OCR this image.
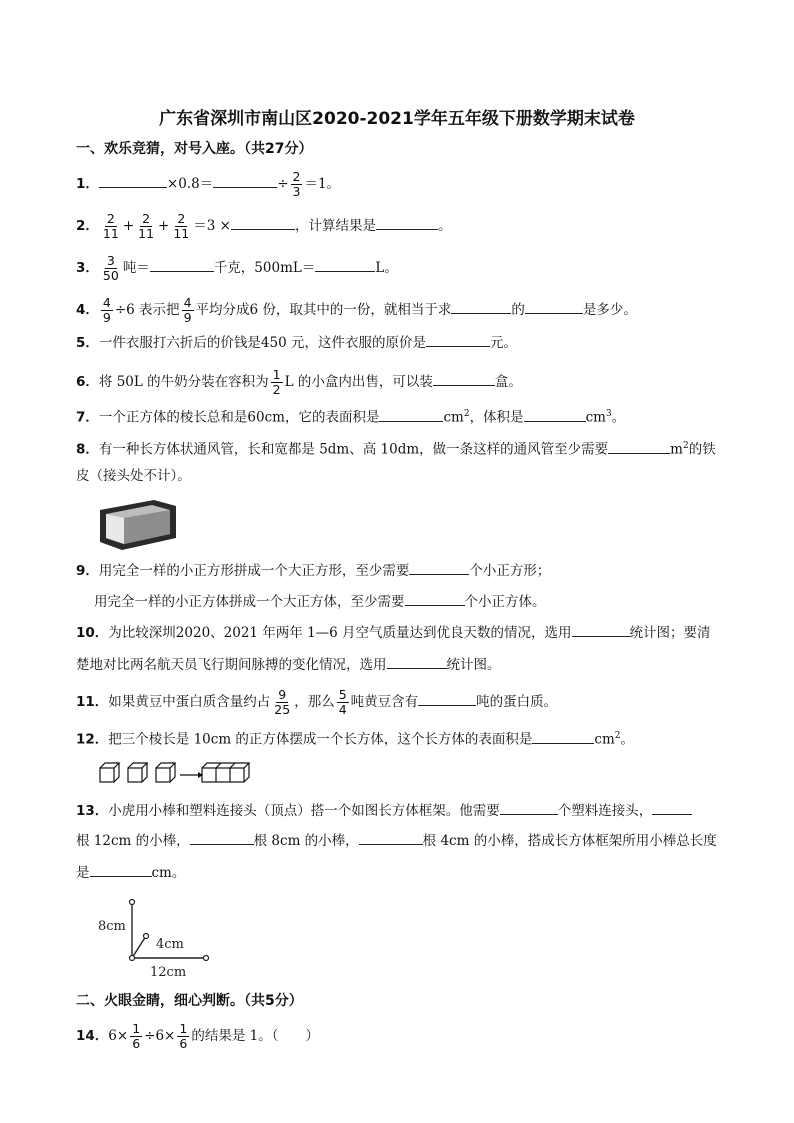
广东省深圳市南山区2020-2021学年五年级下册数学期末试卷
一、欢乐竞猜，对号入座。（共27分）
1．	×0.8＝	÷ $\frac{2}{3} =1$。
2． $\frac{2}{11} + \frac{2}{11} + \frac{2}{11} =3$ ×	，计算结果是	。
3． $\frac{3}{50}$ 吨＝	千克，500mL＝	L。
4． $\frac{4}{9} \div 6$ 表示把 $\frac{4}{9}$ 平均分成6 份，取其中的一份，就相当于求	的	是多少。
5．一件衣服打六折后的价钱是450 元，这件衣服的原价是	元。
6．将 50L 的牛奶分装在容积为 $\frac{1}{2}$ L 的小盒内出售，可以装	盒。
7．一个正方体的棱长总和是60cm，它的表面积是	$cm^2$，体积是	$cm^3$。
8．有一种长方体状通风管，长和宽都是 5dm、高 10dm，做一条这样的通风管至少需要	$m^2$的铁
皮（接头处不计）。
9．用完全一样的小正方形拼成一个大正方形，至少需要	个小正方形；
用完全一样的小正方体拼成一个大正方体，至少需要	个小正方体。
10．为比较深圳2020、2021 年两年 1—6 月空气质量达到优良天数的情况，选用	统计图；要清
楚地对比两名航天员飞行期间脉搏的变化情况，选用	统计图。
11．如果黄豆中蛋白质含量约占 $\frac{9}{25}$ ，那么 $\frac{5}{4}$ 吨黄豆含有	吨的蛋白质。
12．把三个棱长是 10cm 的正方体摆成一个长方体，这个长方体的表面积是	$cm^2$。
13．小虎用小棒和塑料连接头（顶点）搭一个如图长方体框架。他需要	个塑料连接头，
根 12cm 的小棒，	根 8cm 的小棒，	根 4cm 的小棒，搭成长方体框架所用小棒总长度
是	cm。
8cm
4cm
12cm
二、火眼金睛，细心判断。（共5分）
14．$6\times \frac{1}{6} \div 6\times \frac{1}{6}$ 的结果是 1。（　　）
